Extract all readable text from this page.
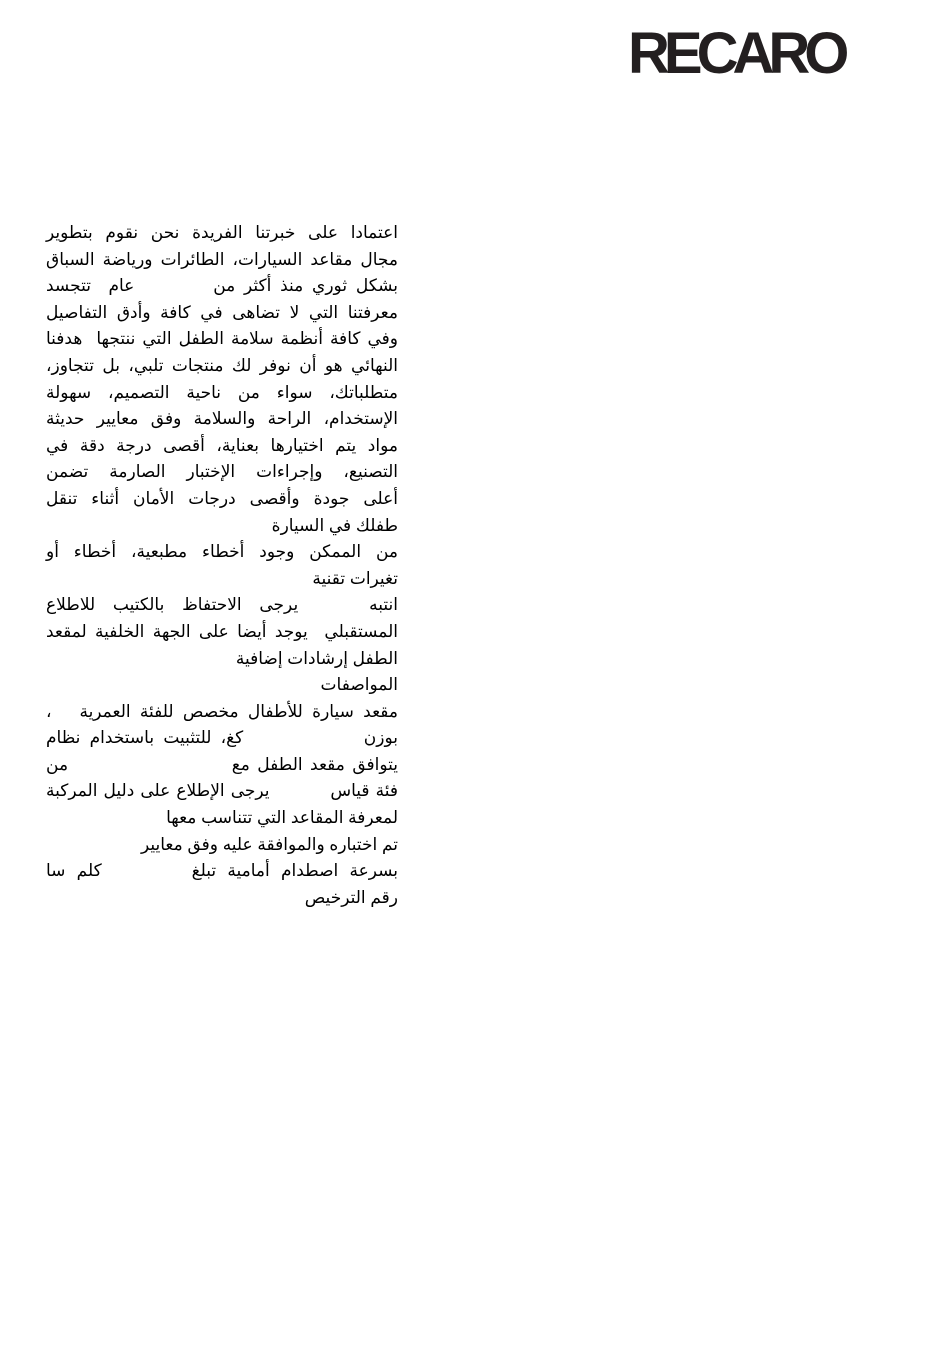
RECARO
اعتمادا على خبرتنا الفريدة نحن نقوم بتطوير
مجال مقاعد السيارات، الطائرات ورياضة السباق
بشكل ثوري منذ أكثر من         عام  تتجسد
معرفتنا التي لا تضاهى في كافة وأدق التفاصيل
وفي كافة أنظمة سلامة الطفل التي ننتجها  هدفنا
النهائي هو أن نوفر لك منتجات تلبي، بل تتجاوز،
متطلباتك، سواء من ناحية التصميم، سهولة
الإستخدام، الراحة والسلامة وفق معايير حديثة
مواد يتم اختيارها بعناية، أقصى درجة دقة في
التصنيع، وإجراءات الإختبار الصارمة تضمن
أعلى جودة وأقصى درجات الأمان أثناء تنقل
طفلك في السيارة
من الممكن وجود أخطاء مطبعية، أخطاء أو
تغيرات تقنية
انتبه    يرجى الاحتفاظ بالكتيب للاطلاع
المستقبلي  يوجد أيضا على الجهة الخلفية لمقعد
الطفل إرشادات إضافية
المواصفات
مقعد سيارة للأطفال مخصص للفئة العمرية   ،
بوزن             كغ، للتثبيت باستخدام نظام
يتوافق مقعد الطفل مع                      من
فئة قياس          يرجى الإطلاع على دليل المركبة
لمعرفة المقاعد التي تتناسب معها
تم اختباره والموافقة عليه وفق معايير
بسرعة اصطدام أمامية تبلغ        كلم سا
رقم الترخيص
